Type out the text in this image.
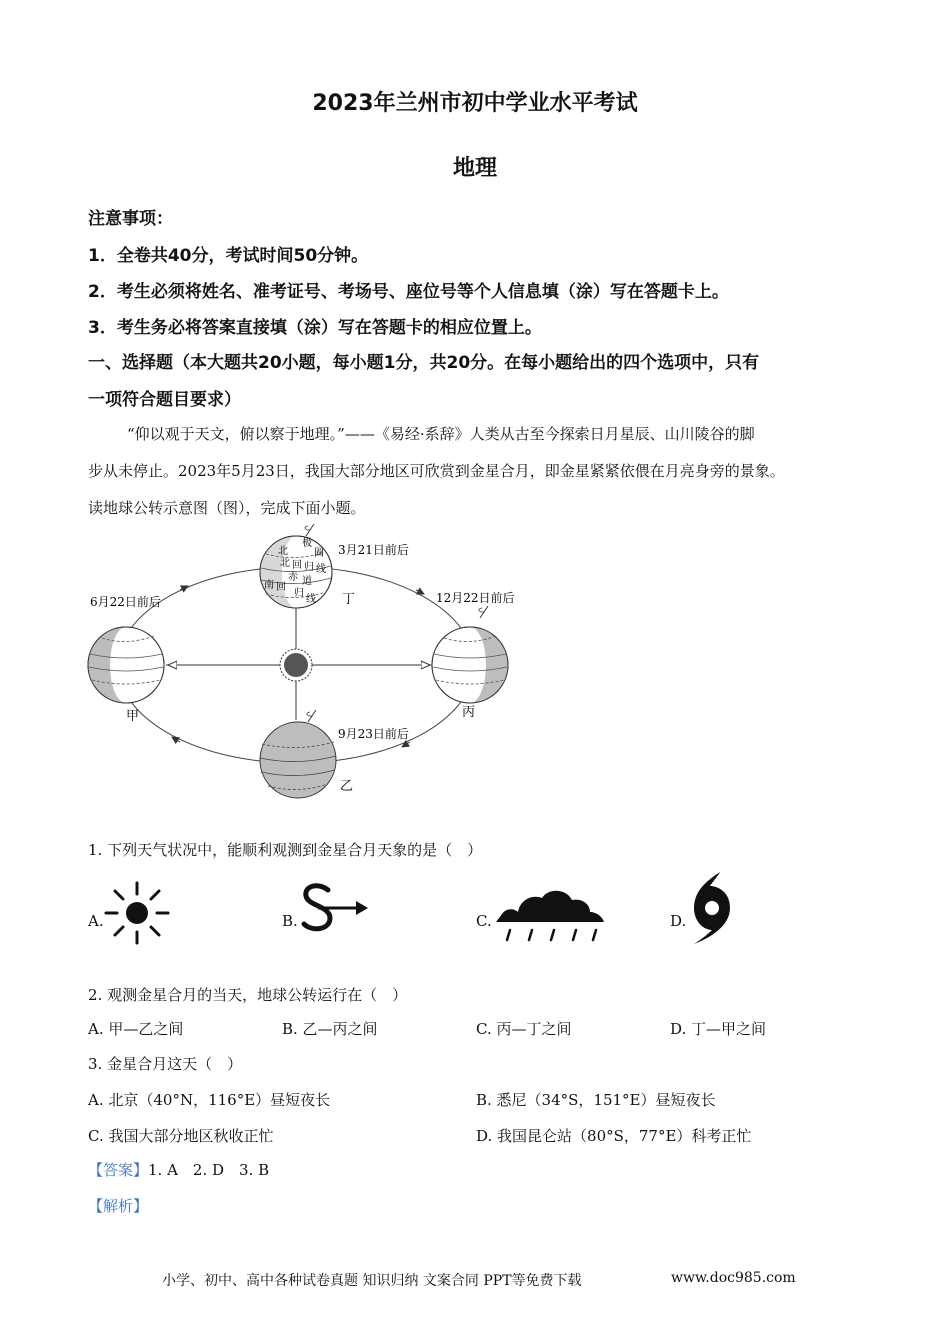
2023年兰州市初中学业水平考试
地理
注意事项：
1．全卷共40分，考试时间50分钟。
2．考生必须将姓名、准考证号、考场号、座位号等个人信息填（涂）写在答题卡上。
3．考生务必将答案直接填（涂）写在答题卡的相应位置上。
一、选择题（本大题共20小题，每小题1分，共20分。在每小题给出的四个选项中，只有
一项符合题目要求）
“仰以观于天文，俯以察于地理。”——《易经·系辞》人类从古至今探索日月星辰、山川陵谷的脚
步从未停止。2023年5月23日，我国大部分地区可欣赏到金星合月，即金星紧紧依偎在月亮身旁的景象。
读地球公转示意图（图），完成下面小题。
北
极
圈
北 回 归 线
赤 道
南 回
归
线
3月21日前后
丁
6月22日前后	12月22日前后
甲	丙
9月23日前后
乙
1. 下列天气状况中，能顺利观测到金星合月天象的是（　）
A.	B.	C.	D.
2. 观测金星合月的当天，地球公转运行在（　）
A. 甲—乙之间	B. 乙—丙之间	C. 丙—丁之间	D. 丁—甲之间
3. 金星合月这天（　）
A. 北京（40°N，116°E）昼短夜长	B. 悉尼（34°S，151°E）昼短夜长
C. 我国大部分地区秋收正忙	D. 我国昆仑站（80°S，77°E）科考正忙
【答案】1. A　2. D　3. B
【解析】
小学、初中、高中各种试卷真题 知识归纳 文案合同 PPT等免费下载	www.doc985.com
